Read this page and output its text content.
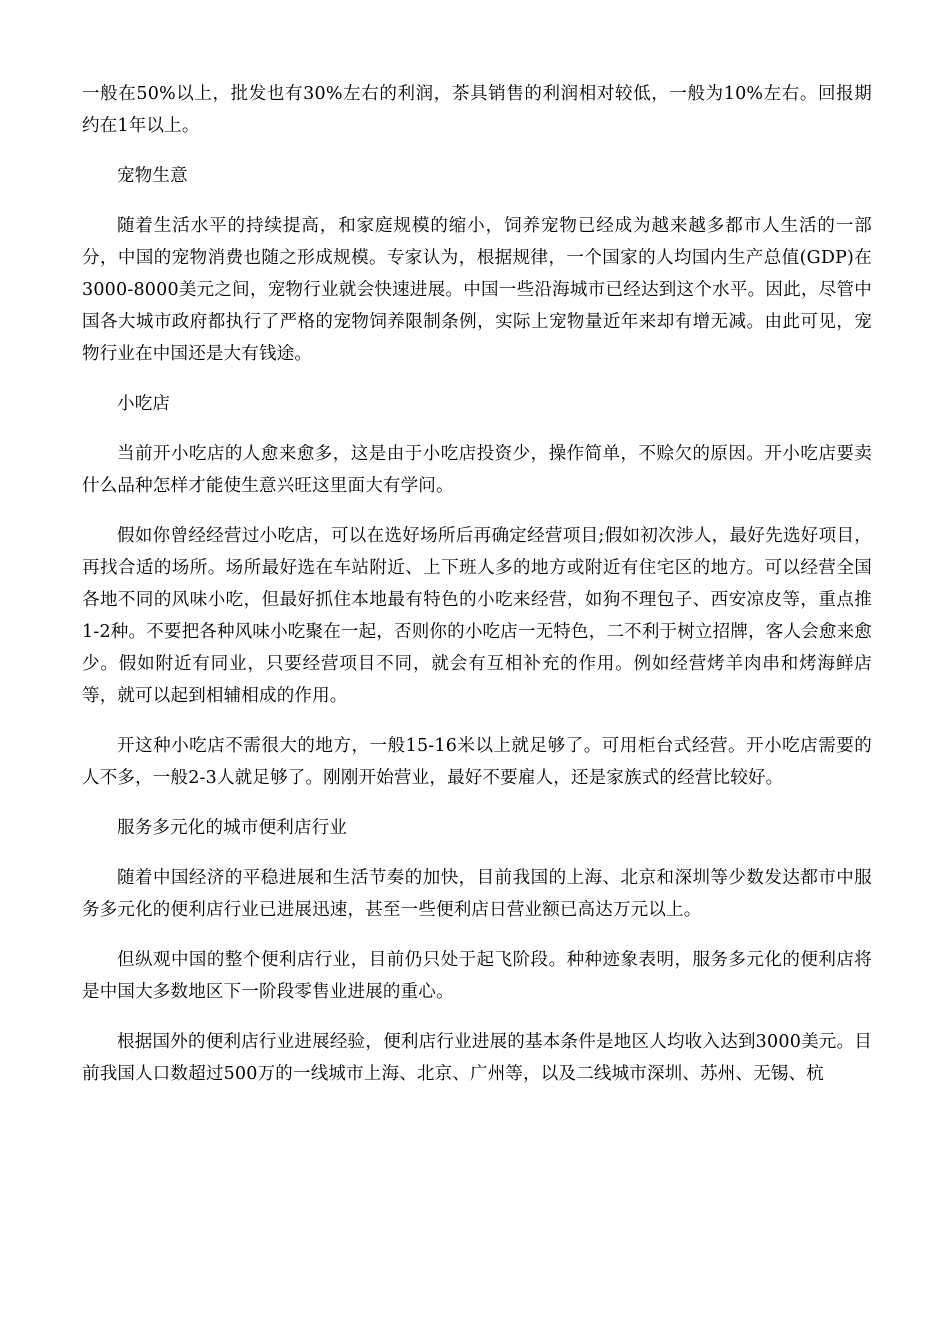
一般在50%以上，批发也有30%左右的利润，茶具销售的利润相对较低，一般为10%左右。回报期约在1年以上。

宠物生意

随着生活水平的持续提高，和家庭规模的缩小，饲养宠物已经成为越来越多都市人生活的一部分，中国的宠物消费也随之形成规模。专家认为，根据规律，一个国家的人均国内生产总值(GDP)在3000-8000美元之间，宠物行业就会快速进展。中国一些沿海城市已经达到这个水平。因此，尽管中国各大城市政府都执行了严格的宠物饲养限制条例，实际上宠物量近年来却有增无减。由此可见，宠物行业在中国还是大有钱途。

小吃店

当前开小吃店的人愈来愈多，这是由于小吃店投资少，操作简单，不赊欠的原因。开小吃店要卖什么品种怎样才能使生意兴旺这里面大有学问。

假如你曾经经营过小吃店，可以在选好场所后再确定经营项目;假如初次涉人，最好先选好项目，再找合适的场所。场所最好选在车站附近、上下班人多的地方或附近有住宅区的地方。可以经营全国各地不同的风味小吃，但最好抓住本地最有特色的小吃来经营，如狗不理包子、西安凉皮等，重点推1-2种。不要把各种风味小吃聚在一起，否则你的小吃店一无特色，二不利于树立招牌，客人会愈来愈少。假如附近有同业，只要经营项目不同，就会有互相补充的作用。例如经营烤羊肉串和烤海鲜店等，就可以起到相辅相成的作用。

开这种小吃店不需很大的地方，一般15-16米以上就足够了。可用柜台式经营。开小吃店需要的人不多，一般2-3人就足够了。刚刚开始营业，最好不要雇人，还是家族式的经营比较好。

服务多元化的城市便利店行业

随着中国经济的平稳进展和生活节奏的加快，目前我国的上海、北京和深圳等少数发达都市中服务多元化的便利店行业已进展迅速，甚至一些便利店日营业额已高达万元以上。

但纵观中国的整个便利店行业，目前仍只处于起飞阶段。种种迹象表明，服务多元化的便利店将是中国大多数地区下一阶段零售业进展的重心。

根据国外的便利店行业进展经验，便利店行业进展的基本条件是地区人均收入达到3000美元。目前我国人口数超过500万的一线城市上海、北京、广州等，以及二线城市深圳、苏州、无锡、杭
